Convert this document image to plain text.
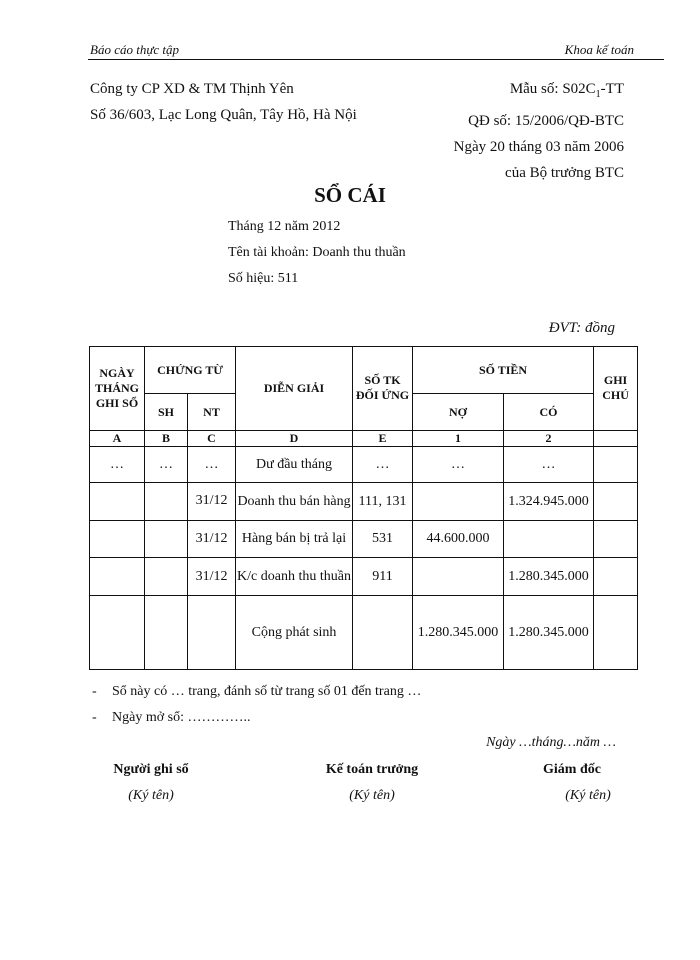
Báo cáo thực tập	Khoa kế toán
Công ty CP XD & TM Thịnh Yên
Số 36/603, Lạc Long Quân, Tây Hồ, Hà Nội
Mẫu số: $S02C_1-TT$
QĐ số: 15/2006/QĐ-BTC
Ngày 20 tháng 03 năm 2006
của Bộ trưởng BTC
SỔ CÁI
Tháng 12 năm 2012
Tên tài khoản: Doanh thu thuần
Số hiệu: 511
ĐVT: đồng
NGÀY THÁNG GHI SỔ	CHỨNG TỪ		DIỄN GIẢI	SỐ TK ĐỐI ỨNG	SỐ TIỀN		GHI CHÚ
	SH	NT			NỢ	CÓ	
A	B	C	D	E	1	2	
…	…	…	Dư đầu tháng	…	…	…	
		31/12	Doanh thu bán hàng	111, 131		1.324.945.000	
		31/12	Hàng bán bị trả lại	531	44.600.000		
		31/12	K/c doanh thu thuần	911		1.280.345.000	
			Cộng phát sinh		1.280.345.000	1.280.345.000	
- Sổ này có … trang, đánh số từ trang số 01 đến trang …
- Ngày mở sổ: …………..
Ngày …tháng…năm …
Người ghi sổ
(Ký tên)
Kế toán trưởng
(Ký tên)
Giám đốc
(Ký tên)
